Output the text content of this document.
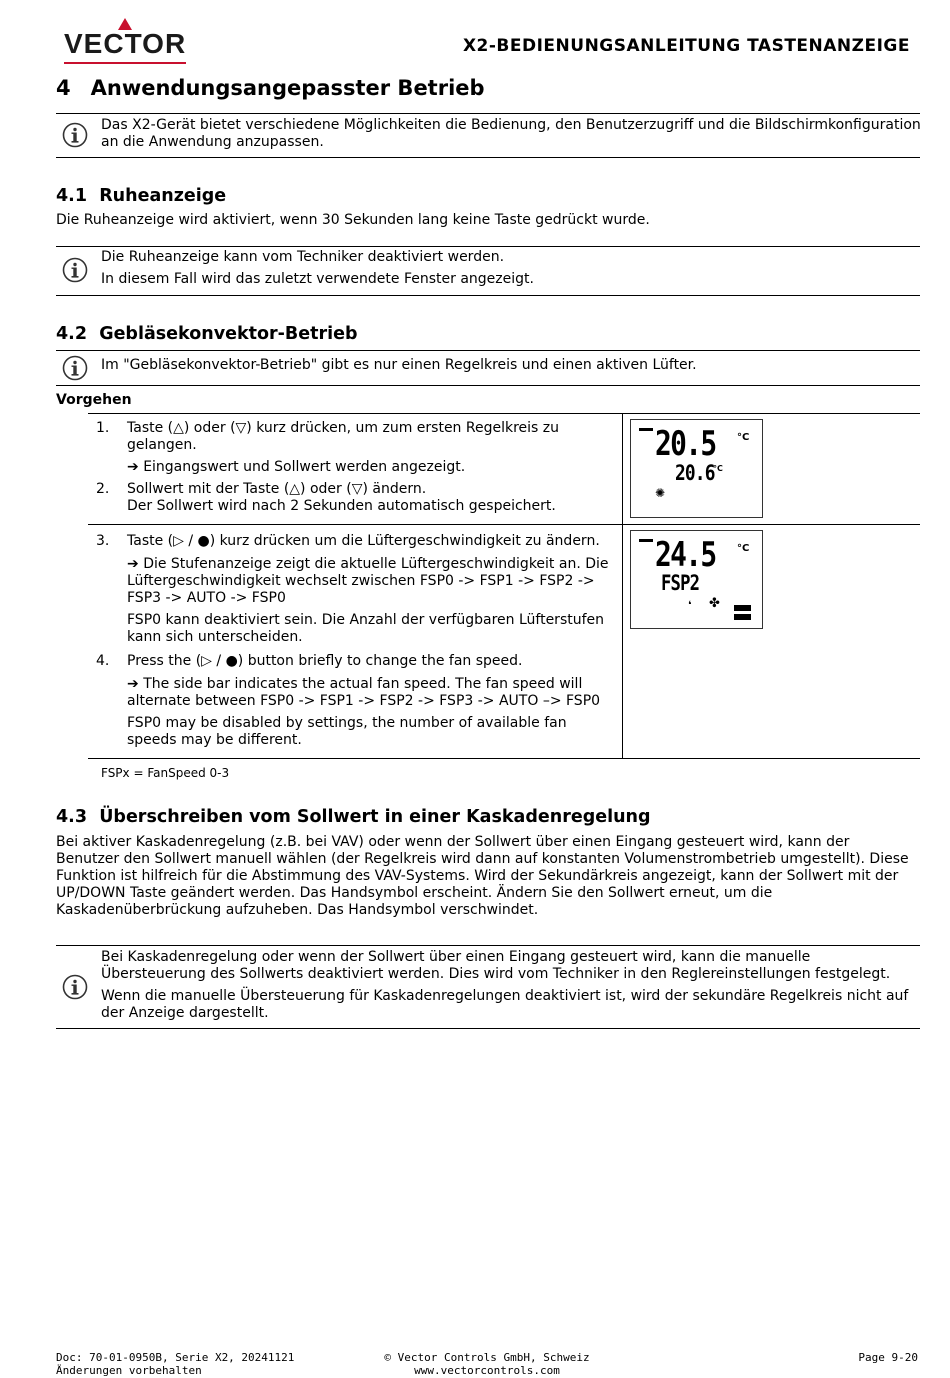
VECTOR	X2-BEDIENUNGSANLEITUNG TASTENANZEIGE
4 Anwendungsangepasster Betrieb
Das X2-Gerät bietet verschiedene Möglichkeiten die Bedienung, den Benutzerzugriff und die Bildschirmkonfiguration an die Anwendung anzupassen.
4.1 Ruheanzeige
Die Ruheanzeige wird aktiviert, wenn 30 Sekunden lang keine Taste gedrückt wurde.
Die Ruheanzeige kann vom Techniker deaktiviert werden.
In diesem Fall wird das zuletzt verwendete Fenster angezeigt.
4.2 Gebläsekonvektor-Betrieb
Im "Gebläsekonvektor-Betrieb" gibt es nur einen Regelkreis und einen aktiven Lüfter.
Vorgehen
1. Taste (△) oder (▽) kurz drücken, um zum ersten Regelkreis zu
gelangen.
➔ Eingangswert und Sollwert werden angezeigt.
2. Sollwert mit der Taste (△) oder (▽) ändern.
Der Sollwert wird nach 2 Sekunden automatisch gespeichert.
20.5 °C
20.6
°C
✺
3. Taste (▷ / ●) kurz drücken um die Lüftergeschwindigkeit zu ändern.
➔ Die Stufenanzeige zeigt die aktuelle Lüftergeschwindigkeit an. Die
Lüftergeschwindigkeit wechselt zwischen FSP0 -> FSP1 -> FSP2 ->
FSP3 -> AUTO -> FSP0
FSP0 kann deaktiviert sein. Die Anzahl der verfügbaren Lüfterstufen
kann sich unterscheiden.
24.5 °C
FSP2
❛ ✤
4. Press the (▷ / ●) button briefly to change the fan speed.
➔ The side bar indicates the actual fan speed. The fan speed will
alternate between FSP0 -> FSP1 -> FSP2 -> FSP3 -> AUTO –> FSP0
FSP0 may be disabled by settings, the number of available fan
speeds may be different.
FSPx = FanSpeed 0-3
4.3 Überschreiben vom Sollwert in einer Kaskadenregelung
Bei aktiver Kaskadenregelung (z.B. bei VAV) oder wenn der Sollwert über einen Eingang gesteuert wird, kann der
Benutzer den Sollwert manuell wählen (der Regelkreis wird dann auf konstanten Volumenstrombetrieb umgestellt). Diese
Funktion ist hilfreich für die Abstimmung des VAV-Systems. Wird der Sekundärkreis angezeigt, kann der Sollwert mit der
UP/DOWN Taste geändert werden. Das Handsymbol erscheint. Ändern Sie den Sollwert erneut, um die
Kaskadenüberbrückung aufzuheben. Das Handsymbol verschwindet.
Bei Kaskadenregelung oder wenn der Sollwert über einen Eingang gesteuert wird, kann die manuelle
Übersteuerung des Sollwerts deaktiviert werden. Dies wird vom Techniker in den Reglereinstellungen festgelegt.
Wenn die manuelle Übersteuerung für Kaskadenregelungen deaktiviert ist, wird der sekundäre Regelkreis nicht auf
der Anzeige dargestellt.
Doc: 70-01-0950B, Serie X2, 20241121
Änderungen vorbehalten
© Vector Controls GmbH, Schweiz
www.vectorcontrols.com
Page 9-20
